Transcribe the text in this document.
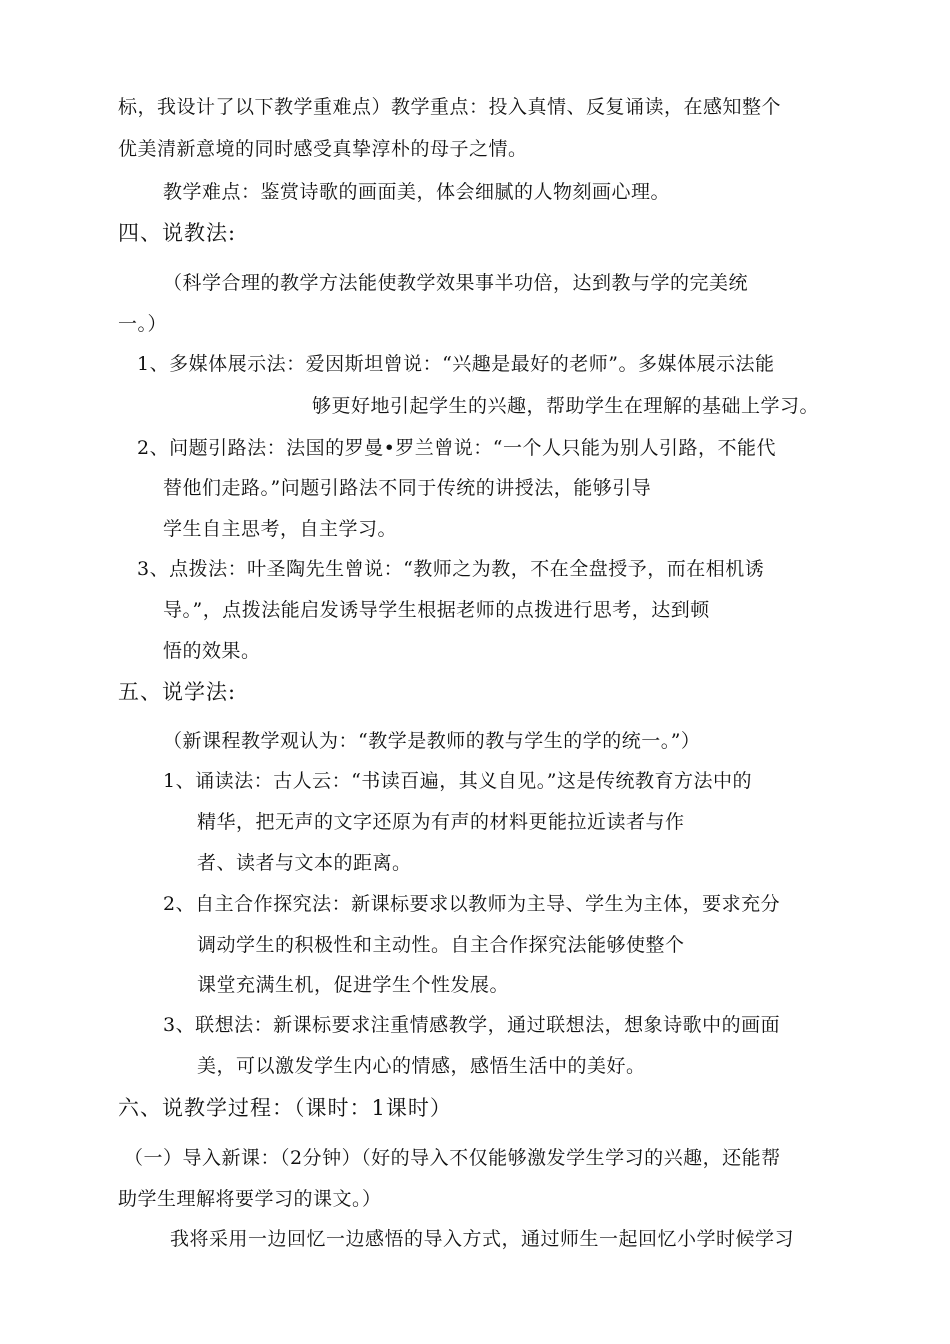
标，我设计了以下教学重难点）教学重点：投入真情、反复诵读，在感知整个
优美清新意境的同时感受真挚淳朴的母子之情。
教学难点：鉴赏诗歌的画面美，体会细腻的人物刻画心理。
四、说教法:
（科学合理的教学方法能使教学效果事半功倍，达到教与学的完美统
一。）
1、多媒体展示法：爱因斯坦曾说：“兴趣是最好的老师”。多媒体展示法能
够更好地引起学生的兴趣，帮助学生在理解的基础上学习。
2、问题引路法：法国的罗曼•罗兰曾说：“一个人只能为别人引路，不能代
替他们走路。”问题引路法不同于传统的讲授法，能够引导
学生自主思考，自主学习。
3、点拨法：叶圣陶先生曾说：“教师之为教，不在全盘授予，而在相机诱
导。”，点拨法能启发诱导学生根据老师的点拨进行思考，达到顿
悟的效果。
五、说学法:
（新课程教学观认为：“教学是教师的教与学生的学的统一。”）
1、诵读法：古人云：“书读百遍，其义自见。”这是传统教育方法中的
精华，把无声的文字还原为有声的材料更能拉近读者与作
者、读者与文本的距离。
2、自主合作探究法：新课标要求以教师为主导、学生为主体，要求充分
调动学生的积极性和主动性。自主合作探究法能够使整个
课堂充满生机，促进学生个性发展。
3、联想法：新课标要求注重情感教学，通过联想法，想象诗歌中的画面
美，可以激发学生内心的情感，感悟生活中的美好。
六、说教学过程：（课时：1课时）
（一）导入新课：（2分钟）（好的导入不仅能够激发学生学习的兴趣，还能帮
助学生理解将要学习的课文。）
我将采用一边回忆一边感悟的导入方式，通过师生一起回忆小学时候学习
